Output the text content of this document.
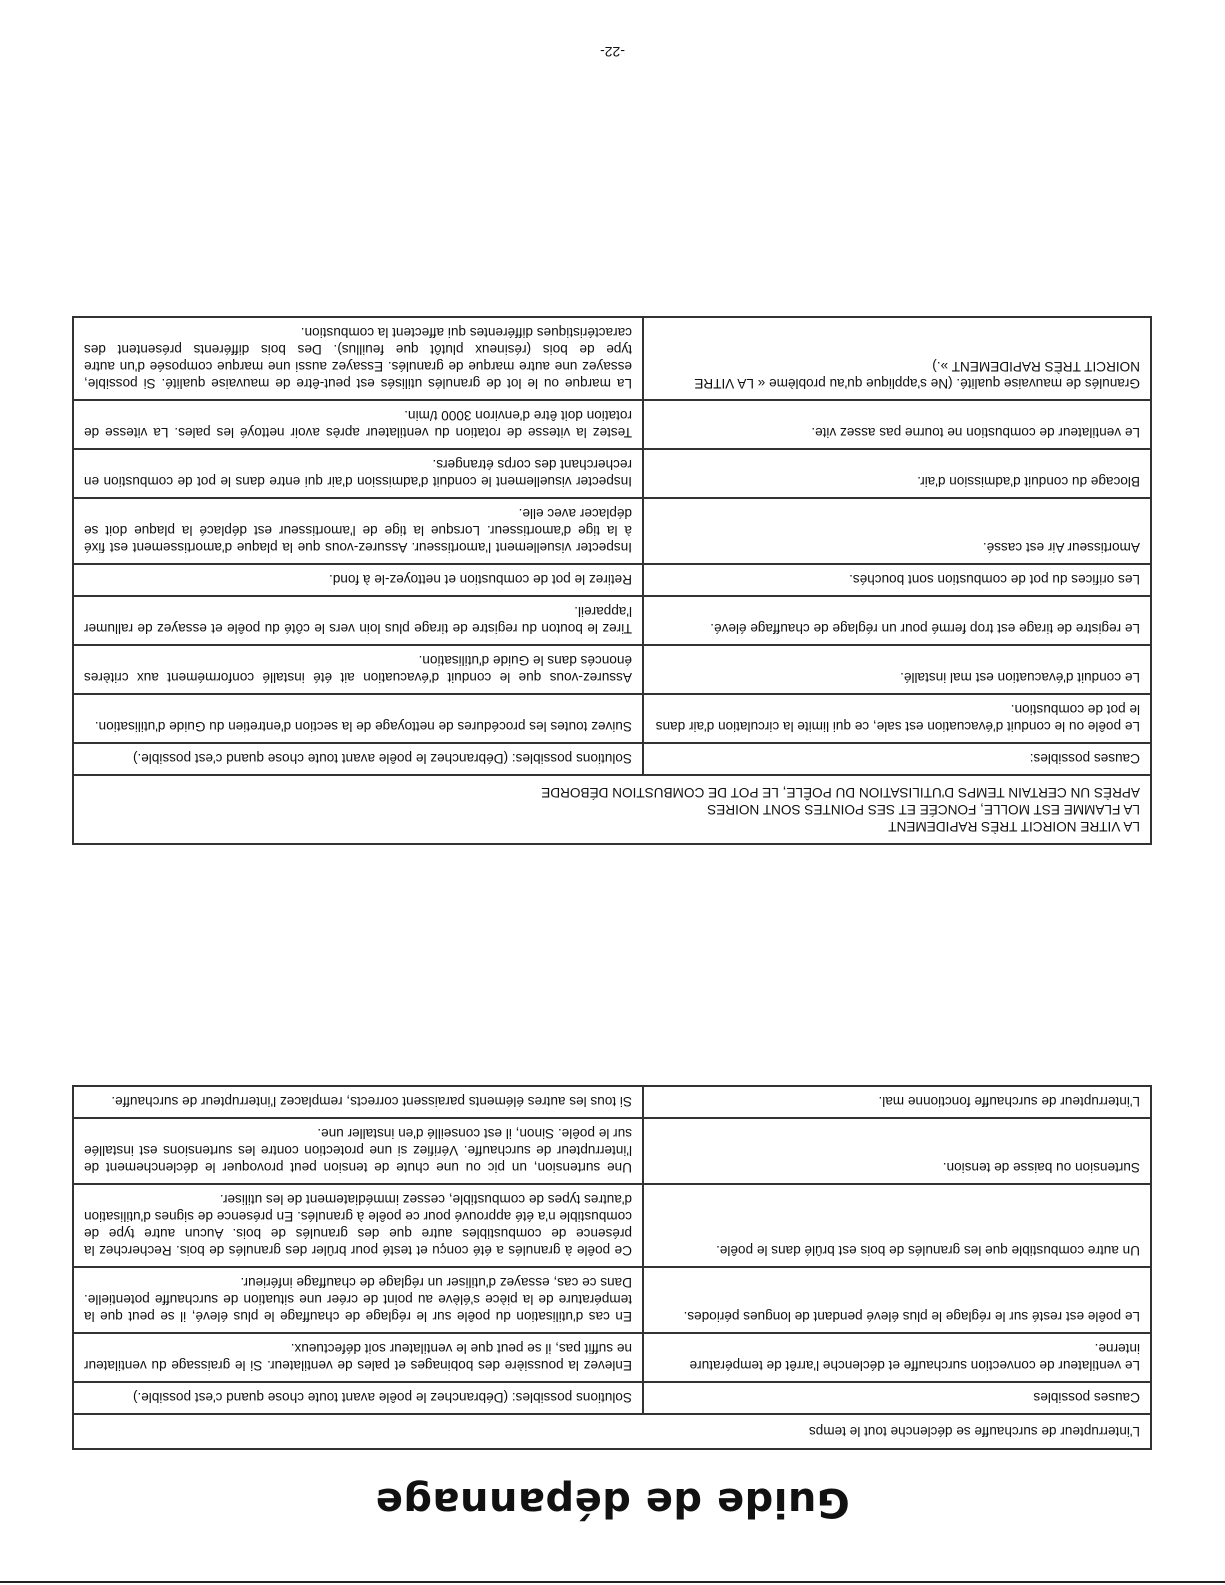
Guide de dépannage
L'interrupteur de surchauffe se déclenche tout le temps	
Causes possibles	Solutions possibles: (Débranchez le poêle avant toute chose quand c'est possible.)
Le ventilateur de convection surchauffe et déclenche l'arrêt de température interne.	Enlevez la poussière des bobinages et pales de ventilateur. Si le graissage du ventilateur ne suffit pas, il se peut que le ventilateur soit défectueux.
Le poêle est resté sur le réglage le plus élevé pendant de longues périodes.	En cas d'utilisation du poêle sur le réglage de chauffage le plus élevé, il se peut que la température de la pièce s'élève au point de créer une situation de surchauffe potentielle. Dans ce cas, essayez d'utiliser un réglage de chauffage inférieur.
Un autre combustible que les granulés de bois est brûlé dans le poêle.	Ce poêle à granulés a été conçu et testé pour brûler des granulés de bois. Recherchez la présence de combustibles autre que des granulés de bois. Aucun autre type de combustible n'a été approuvé pour ce poêle à granulés. En présence de signes d'utilisation d'autres types de combustible, cessez immédiatement de les utiliser.
Surtension ou baisse de tension.	Une surtension, un pic ou une chute de tension peut provoquer le déclenchement de l'interrupteur de surchauffe. Vérifiez si une protection contre les surtensions est installée sur le poêle. Sinon, il est conseillé d'en installer une.
L'interrupteur de surchauffe fonctionne mal.	Si tous les autres éléments paraissent corrects, remplacez l'interrupteur de surchauffe.
LA VITRE NOIRCIT TRÈS RAPIDEMENT
LA FLAMME EST MOLLE, FONCÉE ET SES POINTES SONT NOIRES
APRÈS UN CERTAIN TEMPS D'UTILISATION DU POÊLE, LE POT DE COMBUSTION DÉBORDE	

Causes possibles:	Solutions possibles: (Débranchez le poêle avant toute chose quand c'est possible.)
Le poêle ou le conduit d'évacuation est sale, ce qui limite la circulation d'air dans le pot de combustion.	Suivez toutes les procédures de nettoyage de la section d'entretien du Guide d'utilisation.
Le conduit d'évacuation est mal installé.	Assurez-vous que le conduit d'évacuation ait été installé conformément aux critères énoncés dans le Guide d'utilisation.
Le registre de tirage est trop fermé pour un réglage de chauffage élevé.	Tirez le bouton du registre de tirage plus loin vers le côté du poêle et essayez de rallumer l'appareil.
Les orifices du pot de combustion sont bouchés.	Retirez le pot de combustion et nettoyez-le à fond.
Amortisseur Air est cassé.	Inspecter visuellement l'amortisseur. Assurez-vous que la plaque d'amortissement est fixé à la tige d'amortisseur. Lorsque la tige de l'amortisseur est déplacé la plaque doit se déplacer avec elle.
Blocage du conduit d'admission d'air.	Inspecter visuellement le conduit d'admission d'air qui entre dans le pot de combustion en recherchant des corps étrangers.
Le ventilateur de combustion ne tourne pas assez vite.	Testez la vitesse de rotation du ventilateur après avoir nettoyé les pales. La vitesse de rotation doit être d'environ 3000 t/min.
Granulés de mauvaise qualité. (Ne s'applique qu'au problème « LA VITRE NOIRCIT TRÈS RAPIDEMENT ».)	La marque ou le lot de granulés utilisés est peut-être de mauvaise qualité. Si possible, essayez une autre marque de granulés. Essayez aussi une marque composée d'un autre type de bois (résineux plutôt que feuillus). Des bois différents présentent des caractéristiques différentes qui affectent la combustion.
-22-
